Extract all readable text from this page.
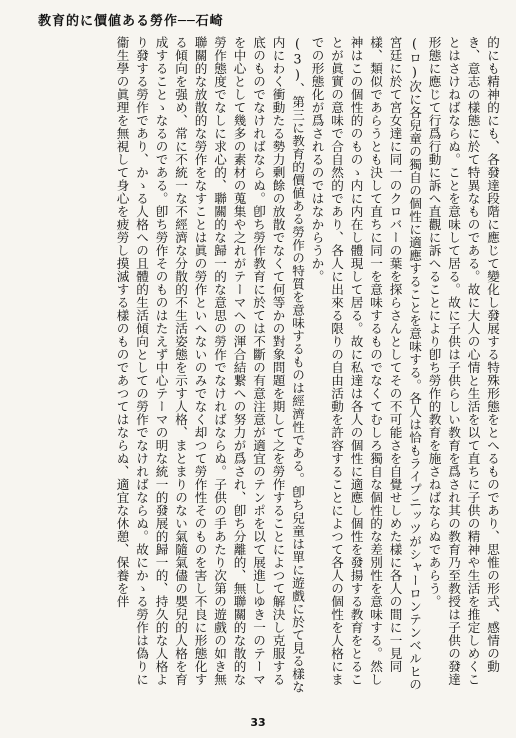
教育的に價値ある勞作──石崎

的にも精神的にも、各發達段階に應じて變化し發展する特殊形態をとへるものであり、思惟の形式、感情の動き、意志の樣態に於て特異なものである。故に大人の心情と生活を以て直ちに子供の精神や生活を推定しめくことはさけねばならぬ。ことを意味して居る。故に子供は子供らしい教育を爲され其の教育乃至教授は子供の發達形態に應じて行爲行動に訴へ直觀に訴へることにより卽ち勞作的教育を施さねばならぬであらう。

(ロ)次に各兒童の獨自の個性に適應することを意味する。各人は恰もライプニッツがシャーロンテンベルヒの宮廷に於て宮女達に同一のクロバーの葉を探らさんとしてその不可能さを自覺せしめた樣に各人の間に一見同樣、類似であらうとも決して直ちに同一を意味するものでなくてむしろ獨自な個性的な差別性を意味する。然し神はこの個性的のものゝ内に内在し體現して居る。故に私達は各人の個性に適應し個性を發揚する教育をとることが眞實の意味で合自然的であり、各人に出來る限りの自由活動を許容することによつて各人の個性を人格にまでの形態化が爲されるのではなからうか。

(3)、第三に教育的價値ある勞作の特質を意味するものは經濟性である。卽ち兒童は單に遊戲に於て見る樣な内にわく衝動たる勢力剰餘の放散でなくて何等かの對象問題を期して之を勞作することによつて解決し克服する底のものでなければならぬ。卽ち勞作教育に於ては不斷の有意注意が適宜のテンポを以て展進しゆき一のテーマを中心として幾多の素材の蒐集や之れがテーマへの渾合結繋への努力が爲され、卽ち分離的、無聯關的な散的な勞作態度でなしに求心的、聯關的な歸一的な意思の勞作でなければならぬ。子供の手あたり次第の遊戲の如き無聯關的な放散的な勞作をなすことは眞の勞作といへないのみでなく却つて勞作性そのものを害し不良に形態化する傾向を强め、常に不統一な不經濟な分散的不生活姿態を示す人格、まとまりのない氣隨氣儘の嬰兒的人格を育成することゝなるのである。卽ち勞作そのものはたえず中心テーマの明な統一的發展的歸一的、持久的な人格より發する勞作であり、かゝる人格への且體的生活傾向としての勞作でなければならぬ。故にかゝる勞作は偽りに衞生學の眞理を無視して身心を疲勞し摸滅する樣のものであつてはならぬ、適宜な休憩、保養を伴

33
